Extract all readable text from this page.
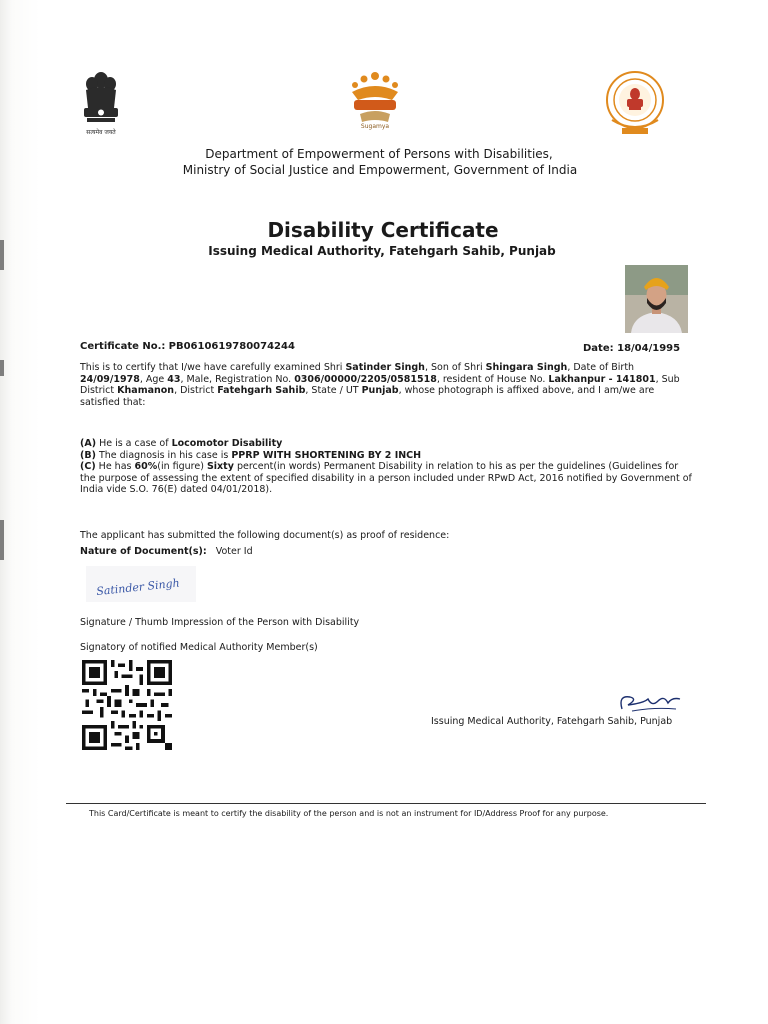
सत्यमेव जयते
Sugamya
Department of Empowerment of Persons with Disabilities,
Ministry of Social Justice and Empowerment, Government of India
Disability Certificate
Issuing Medical Authority, Fatehgarh Sahib, Punjab
Certificate No.: PB0610619780074244	Date: 18/04/1995
This is to certify that I/we have carefully examined Shri Satinder Singh, Son of Shri Shingara Singh, Date of Birth 24/09/1978, Age 43, Male, Registration No. 0306/00000/2205/0581518, resident of House No. Lakhanpur - 141801, Sub District Khamanon, District Fatehgarh Sahib, State / UT Punjab, whose photograph is affixed above, and I am/we are satisfied that:
(A) He is a case of Locomotor Disability
(B) The diagnosis in his case is PPRP WITH SHORTENING BY 2 INCH
(C) He has 60%(in figure) Sixty percent(in words) Permanent Disability in relation to his as per the guidelines (Guidelines for the purpose of assessing the extent of specified disability in a person included under RPwD Act, 2016 notified by Government of India vide S.O. 76(E) dated 04/01/2018).
The applicant has submitted the following document(s) as proof of residence:
Nature of Document(s): Voter Id
Satinder Singh
Signature / Thumb Impression of the Person with Disability
Signatory of notified Medical Authority Member(s)
Issuing Medical Authority, Fatehgarh Sahib, Punjab
This Card/Certificate is meant to certify the disability of the person and is not an instrument for ID/Address Proof for any purpose.
